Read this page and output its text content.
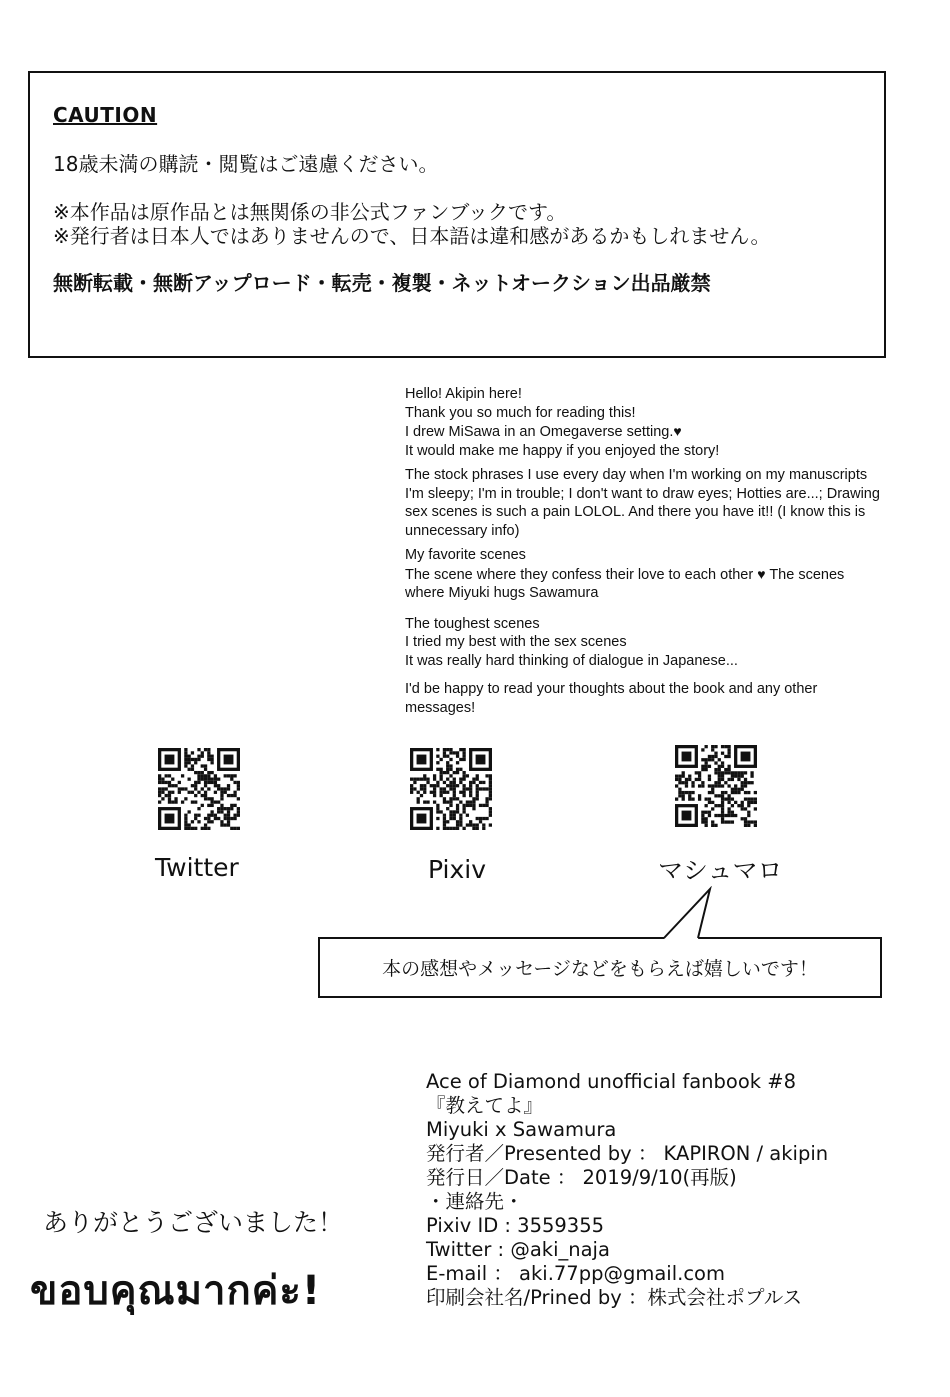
CAUTION
18歳未満の購読・閲覧はご遠慮ください。
※本作品は原作品とは無関係の非公式ファンブックです。
※発行者は日本人ではありませんので、日本語は違和感があるかもしれません。
無断転載・無断アップロード・転売・複製・ネットオークション出品厳禁

Hello! Akipin here!

Thank you so much for reading this!

I drew MiSawa in an Omegaverse setting.♥

It would make me happy if you enjoyed the story!

The stock phrases I use every day when I'm working on my manuscripts

I'm sleepy; I'm in trouble; I don't want to draw eyes; Hotties are...; Drawing sex scenes is such a pain LOLOL. And there you have it!! (I know this is unnecessary info)

My favorite scenes

The scene where they confess their love to each other ♥ The scenes where Miyuki hugs Sawamura

The toughest scenes

I tried my best with the sex scenes

It was really hard thinking of dialogue in Japanese...

I'd be happy to read your thoughts about the book and any other messages!

Twitter	Pixiv	マシュマロ
本の感想やメッセージなどをもらえば嬉しいです！

Ace of Diamond unofficial fanbook #8

『教えてよ』

Miyuki x Sawamura

発行者／Presented by ： KAPIRON / akipin

発行日／Date ： 2019/9/10(再版)

・連絡先・

Pixiv ID : 3559355

Twitter : @aki_naja

E-mail ： aki.77pp@gmail.com

印刷会社名/Prined by ：株式会社ポプルス

ありがとうございました！
ขอบคุณมากค่ะ!
